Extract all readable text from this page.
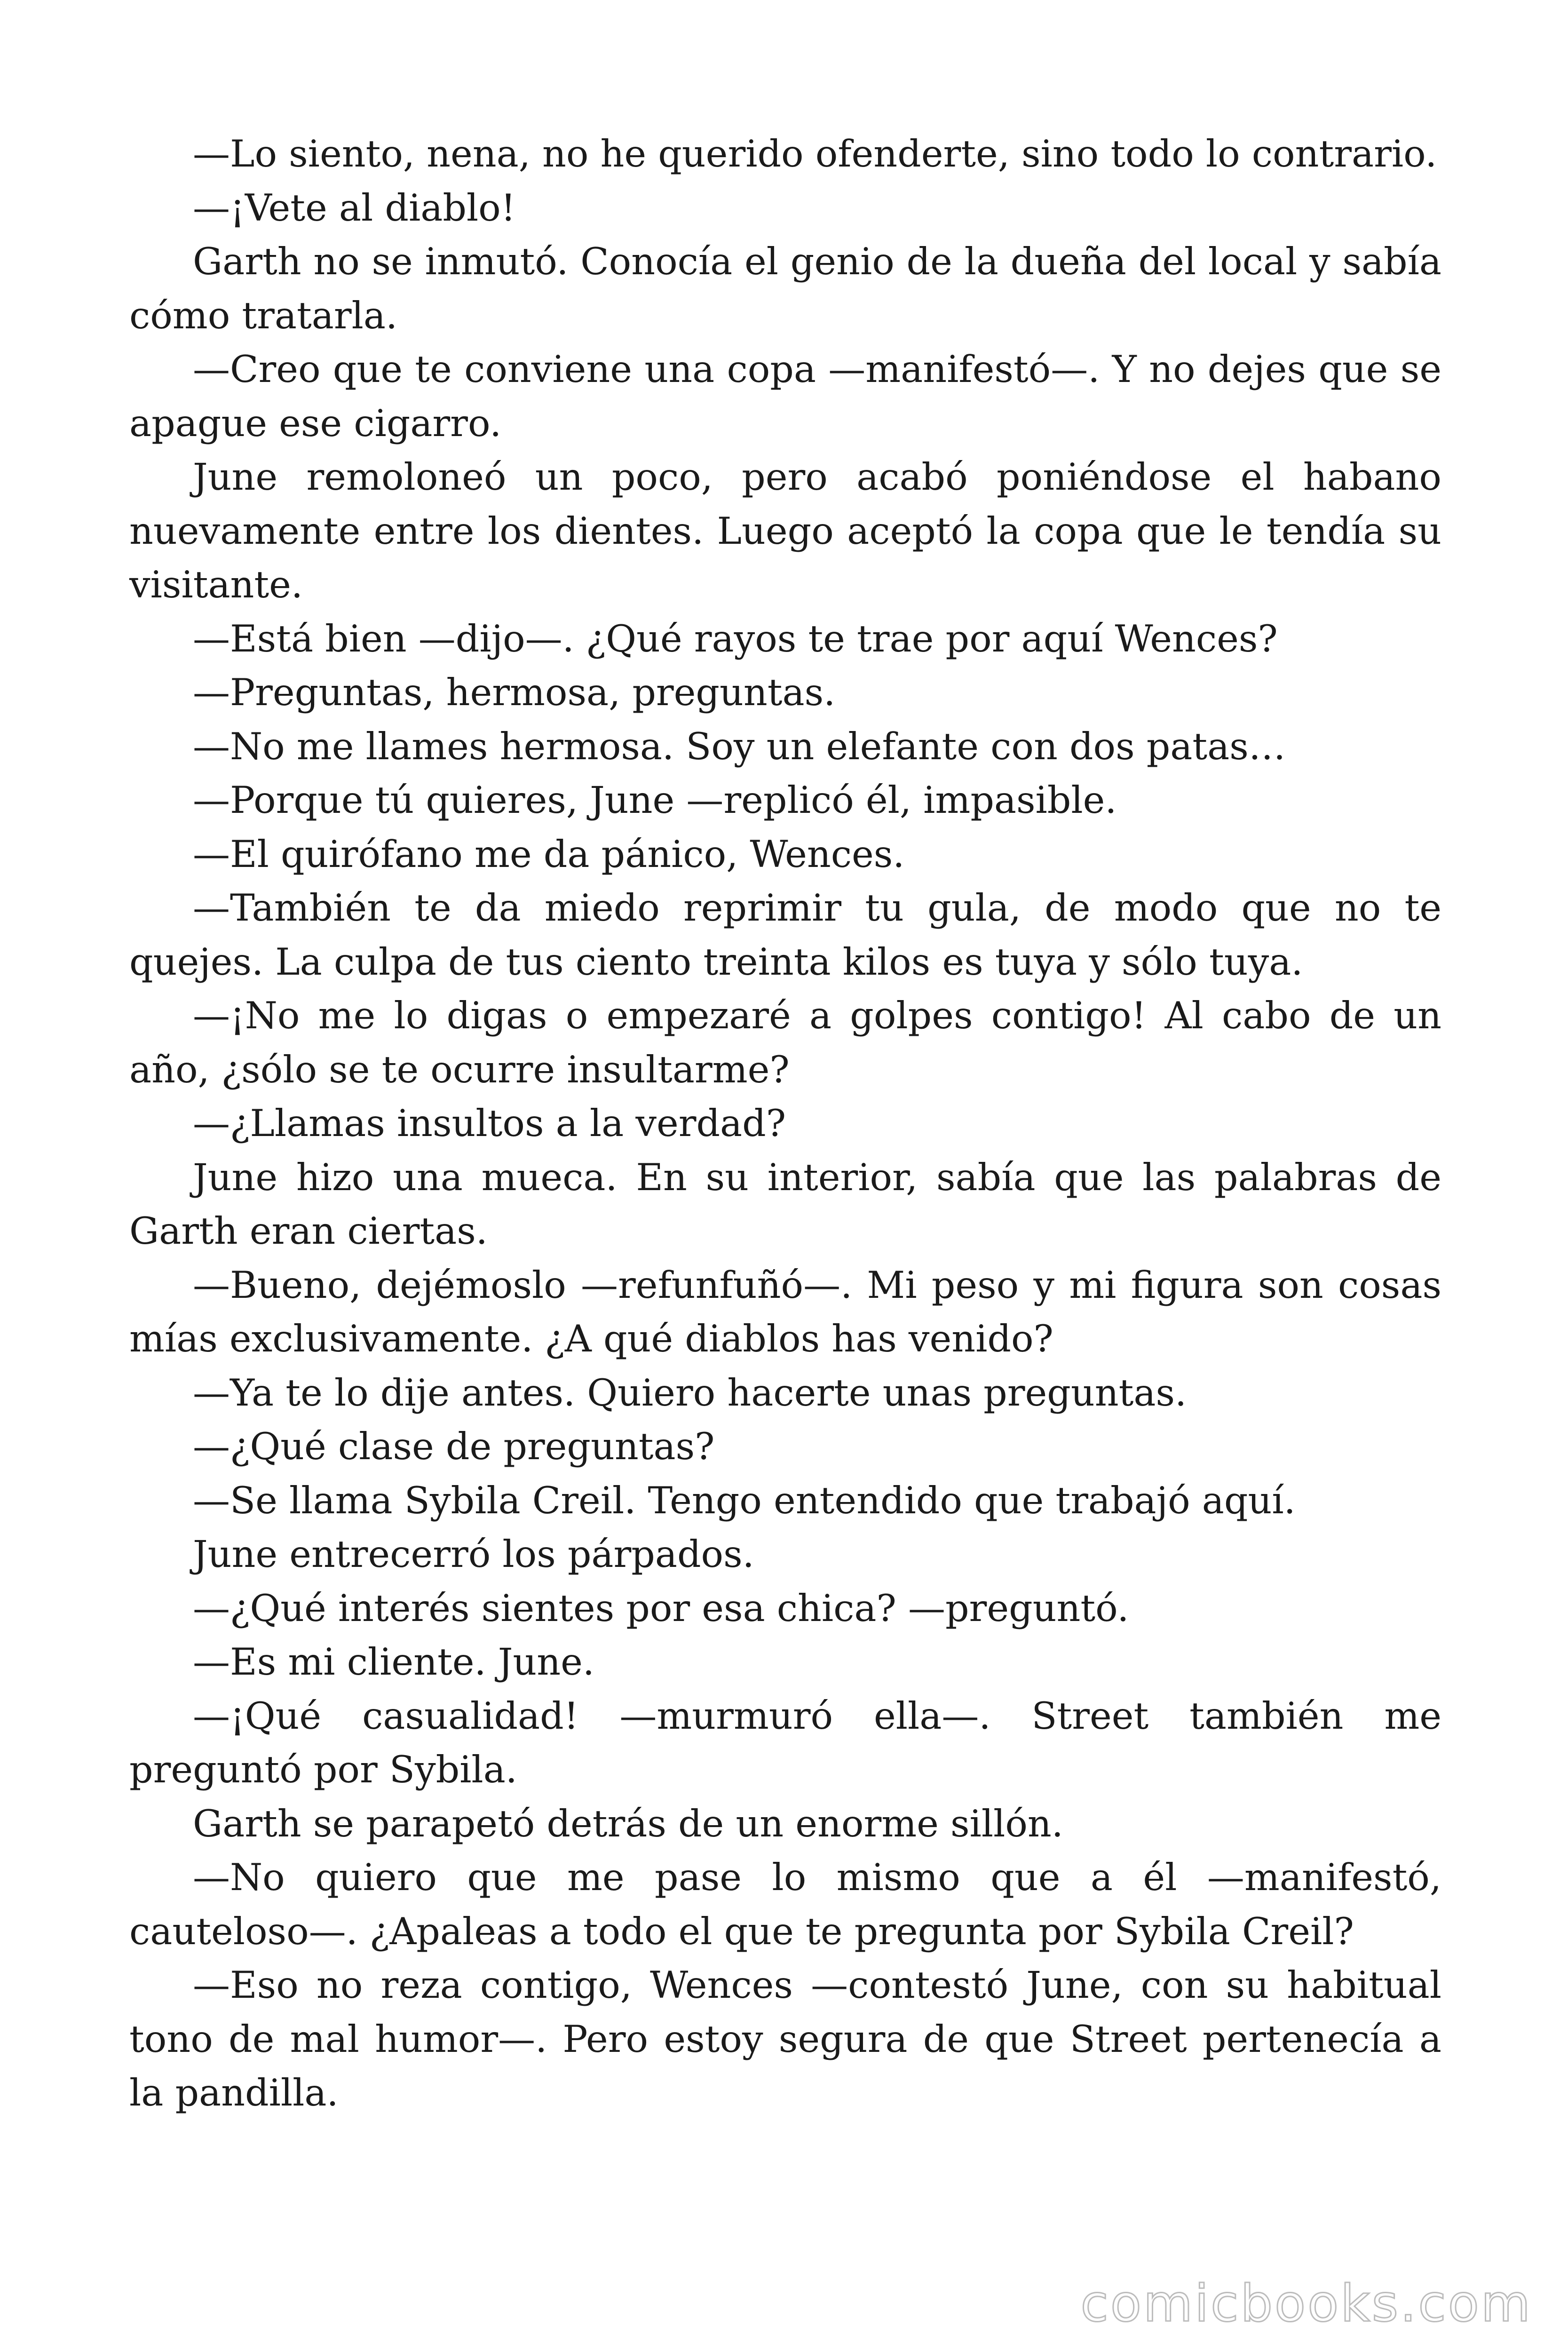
—Lo siento, nena, no he querido ofenderte, sino todo lo contrario.

—¡Vete al diablo!

Garth no se inmutó. Conocía el genio de la dueña del local y sabía cómo tratarla.

—Creo que te conviene una copa —manifestó—. Y no dejes que se apague ese cigarro.

June remoloneó un poco, pero acabó poniéndose el habano nuevamente entre los dientes. Luego aceptó la copa que le tendía su visitante.

—Está bien —dijo—. ¿Qué rayos te trae por aquí Wences?

—Preguntas, hermosa, preguntas.

—No me llames hermosa. Soy un elefante con dos patas…

—Porque tú quieres, June —replicó él, impasible.

—El quirófano me da pánico, Wences.

—También te da miedo reprimir tu gula, de modo que no te quejes. La culpa de tus ciento treinta kilos es tuya y sólo tuya.

—¡No me lo digas o empezaré a golpes contigo! Al cabo de un año, ¿sólo se te ocurre insultarme?

—¿Llamas insultos a la verdad?

June hizo una mueca. En su interior, sabía que las palabras de Garth eran ciertas.

—Bueno, dejémoslo —refunfuñó—. Mi peso y mi figura son cosas mías exclusivamente. ¿A qué diablos has venido?

—Ya te lo dije antes. Quiero hacerte unas preguntas.

—¿Qué clase de preguntas?

—Se llama Sybila Creil. Tengo entendido que trabajó aquí.

June entrecerró los párpados.

—¿Qué interés sientes por esa chica? —preguntó.

—Es mi cliente. June.

—¡Qué casualidad! —murmuró ella—. Street también me preguntó por Sybila.

Garth se parapetó detrás de un enorme sillón.

—No quiero que me pase lo mismo que a él —manifestó, cauteloso—. ¿Apaleas a todo el que te pregunta por Sybila Creil?

—Eso no reza contigo, Wences —contestó June, con su habitual tono de mal humor—. Pero estoy segura de que Street pertenecía a la pandilla.

comicbooks.com
